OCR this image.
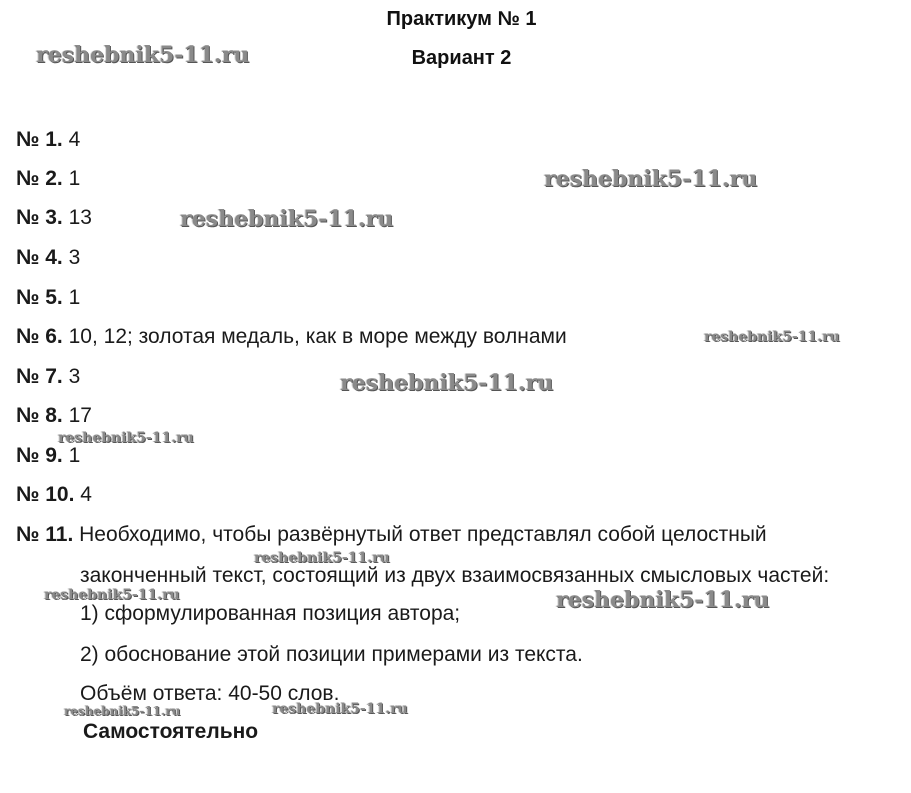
Практикум № 1
Вариант 2
№ 1. 4
№ 2. 1
№ 3. 13
№ 4. 3
№ 5. 1
№ 6. 10, 12; золотая медаль, как в море между волнами
№ 7. 3
№ 8. 17
№ 9. 1
№ 10. 4
№ 11. Необходимо, чтобы развёрнутый ответ представлял собой целостный
законченный текст, состоящий из двух взаимосвязанных смысловых частей:
1) сформулированная позиция автора;
2) обоснование этой позиции примерами из текста.
Объём ответа: 40-50 слов.
Самостоятельно
reshebnik5-11.ru
reshebnik5-11.ru
reshebnik5-11.ru
reshebnik5-11.ru
reshebnik5-11.ru
reshebnik5-11.ru
reshebnik5-11.ru
reshebnik5-11.ru	reshebnik5-11.ru
reshebnik5-11.ru	reshebnik5-11.ru
